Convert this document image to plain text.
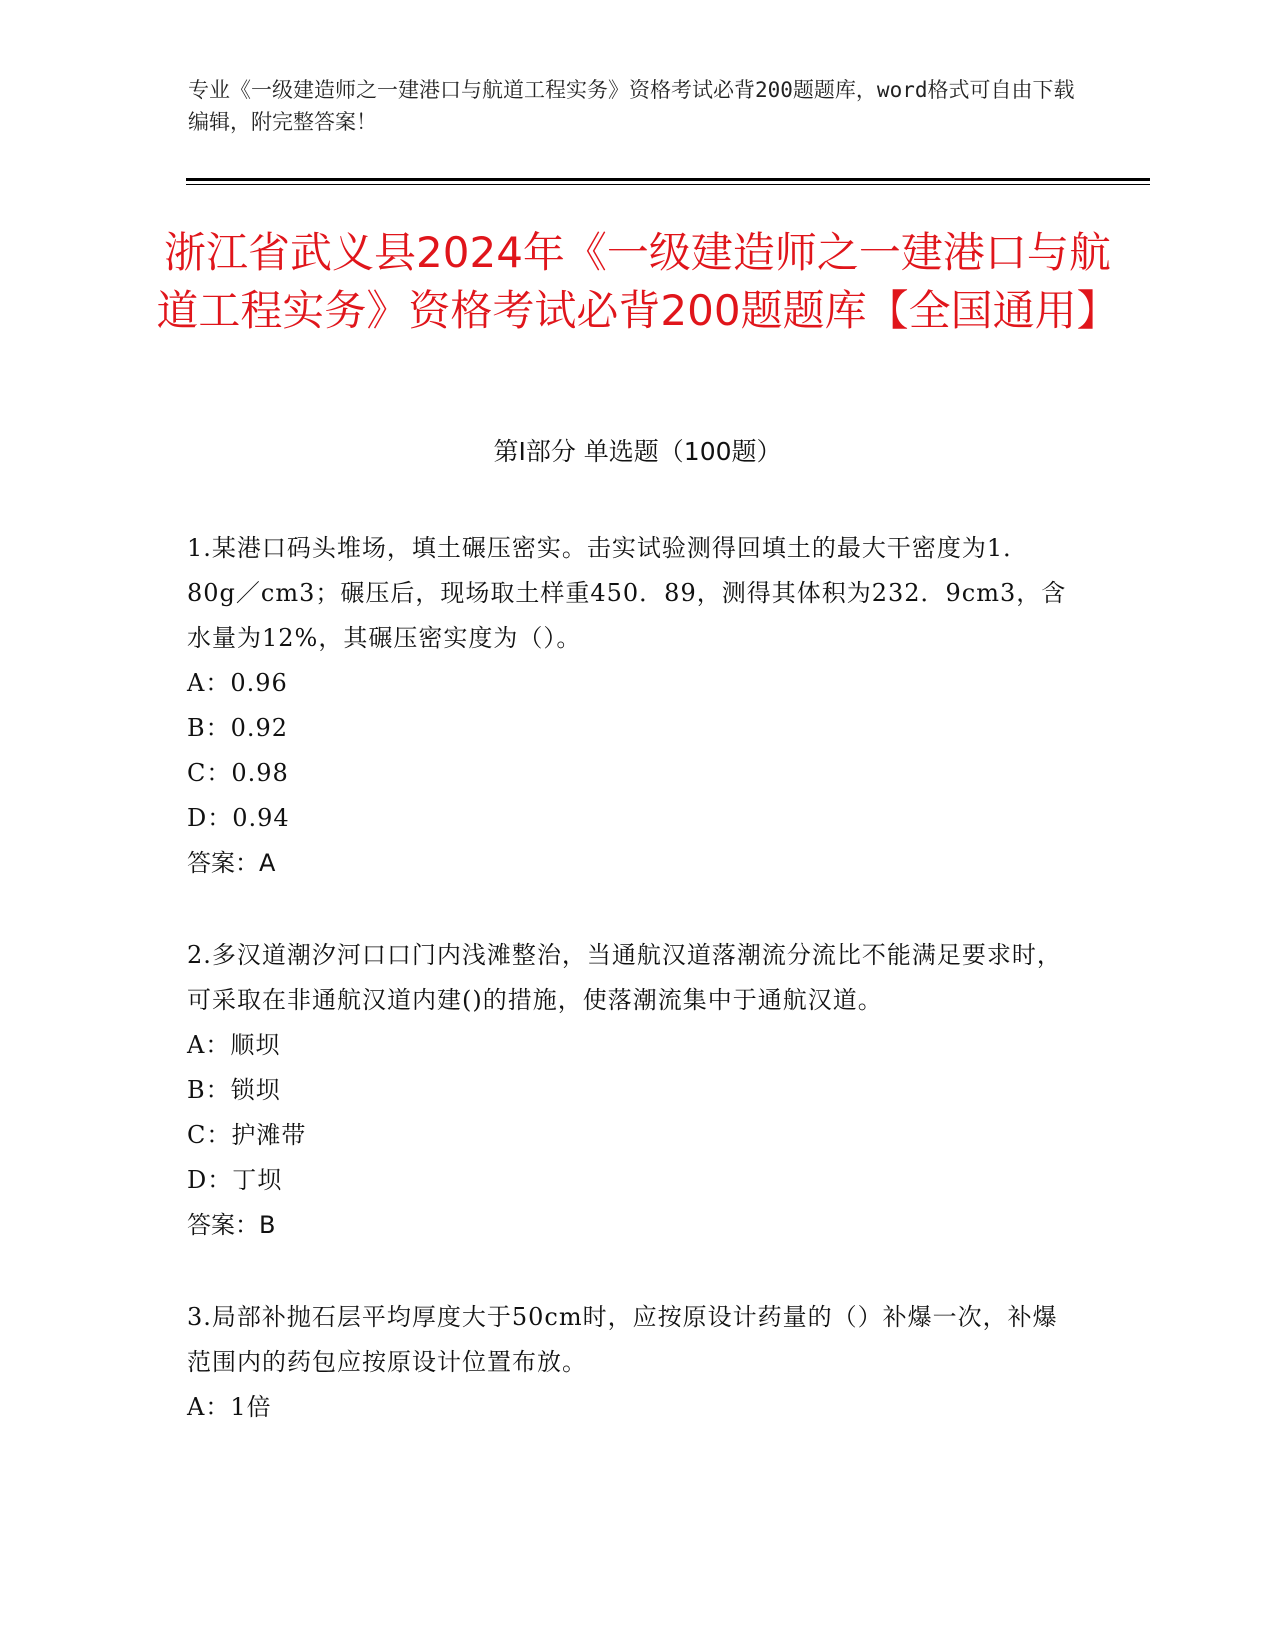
专业《一级建造师之一建港口与航道工程实务》资格考试必背200题题库，word格式可自由下载编辑，附完整答案！
浙江省武义县2024年《一级建造师之一建港口与航道工程实务》资格考试必背200题题库【全国通用】
第I部分 单选题（100题）

1.某港口码头堆场，填土碾压密实。击实试验测得回填土的最大干密度为1．80g／cm3；碾压后，现场取土样重450．89，测得其体积为232．9cm3，含水量为12%，其碾压密实度为（）。

A：0.96

B：0.92

C：0.98

D：0.94

答案：A

2.多汉道潮汐河口口门内浅滩整治，当通航汉道落潮流分流比不能满足要求时，可采取在非通航汉道内建()的措施，使落潮流集中于通航汉道。

A：顺坝

B：锁坝

C：护滩带

D：丁坝

答案：B

3.局部补抛石层平均厚度大于50cm时，应按原设计药量的（）补爆一次，补爆范围内的药包应按原设计位置布放。

A：1倍
